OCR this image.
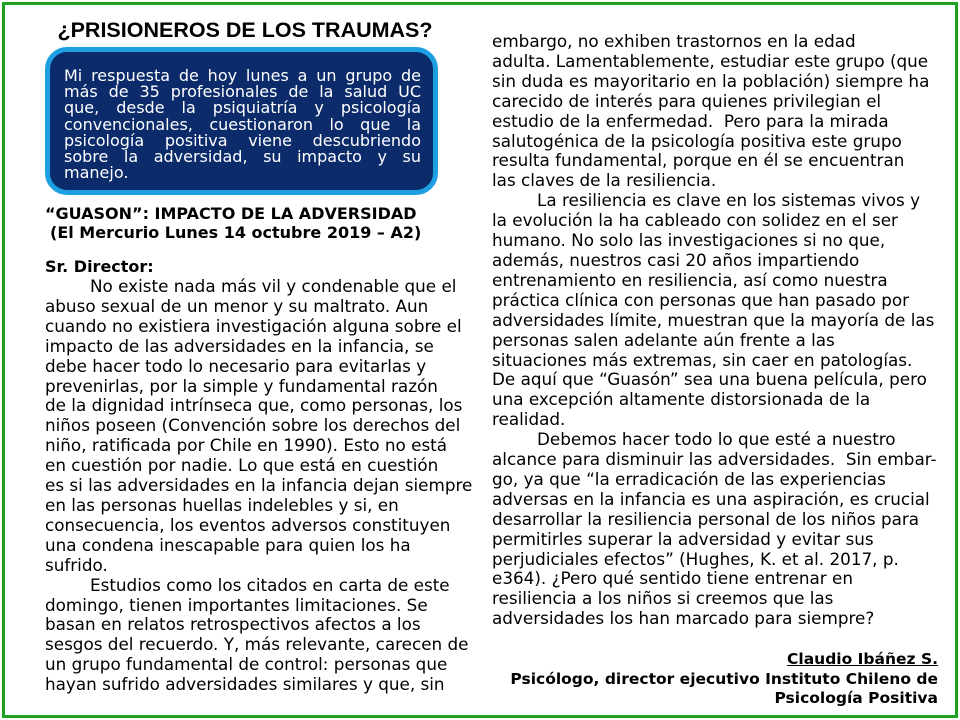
¿PRISIONEROS DE LOS TRAUMAS?
Mi respuesta de hoy lunes a un grupo de
más de 35 profesionales de la salud UC
que, desde la psiquiatría y psicología
convencionales, cuestionaron lo que la
psicología positiva viene descubriendo
sobre la adversidad, su impacto y su
manejo.
“GUASON”: IMPACTO DE LA ADVERSIDAD
(El Mercurio Lunes 14 octubre 2019 – A2)
Sr. Director:
No existe nada más vil y condenable que el
abuso sexual de un menor y su maltrato. Aun
cuando no existiera investigación alguna sobre el
impacto de las adversidades en la infancia, se
debe hacer todo lo necesario para evitarlas y
prevenirlas, por la simple y fundamental razón
de la dignidad intrínseca que, como personas, los
niños poseen (Convención sobre los derechos del
niño, ratificada por Chile en 1990). Esto no está
en cuestión por nadie. Lo que está en cuestión
es si las adversidades en la infancia dejan siempre
en las personas huellas indelebles y si, en
consecuencia, los eventos adversos constituyen
una condena inescapable para quien los ha
sufrido.
Estudios como los citados en carta de este
domingo, tienen importantes limitaciones. Se
basan en relatos retrospectivos afectos a los
sesgos del recuerdo. Y, más relevante, carecen de
un grupo fundamental de control: personas que
hayan sufrido adversidades similares y que, sin
embargo, no exhiben trastornos en la edad
adulta. Lamentablemente, estudiar este grupo (que
sin duda es mayoritario en la población) siempre ha
carecido de interés para quienes privilegian el
estudio de la enfermedad.  Pero para la mirada
salutogénica de la psicología positiva este grupo
resulta fundamental, porque en él se encuentran
las claves de la resiliencia.
La resiliencia es clave en los sistemas vivos y
la evolución la ha cableado con solidez en el ser
humano. No solo las investigaciones si no que,
además, nuestros casi 20 años impartiendo
entrenamiento en resiliencia, así como nuestra
práctica clínica con personas que han pasado por
adversidades límite, muestran que la mayoría de las
personas salen adelante aún frente a las
situaciones más extremas, sin caer en patologías.
De aquí que “Guasón” sea una buena película, pero
una excepción altamente distorsionada de la
realidad.
Debemos hacer todo lo que esté a nuestro
alcance para disminuir las adversidades.  Sin embar-
go, ya que “la erradicación de las experiencias
adversas en la infancia es una aspiración, es crucial
desarrollar la resiliencia personal de los niños para
permitirles superar la adversidad y evitar sus
perjudiciales efectos” (Hughes, K. et al. 2017, p.
e364). ¿Pero qué sentido tiene entrenar en
resiliencia a los niños si creemos que las
adversidades los han marcado para siempre?
Claudio Ibáñez S.
Psicólogo, director ejecutivo Instituto Chileno de
Psicología Positiva
